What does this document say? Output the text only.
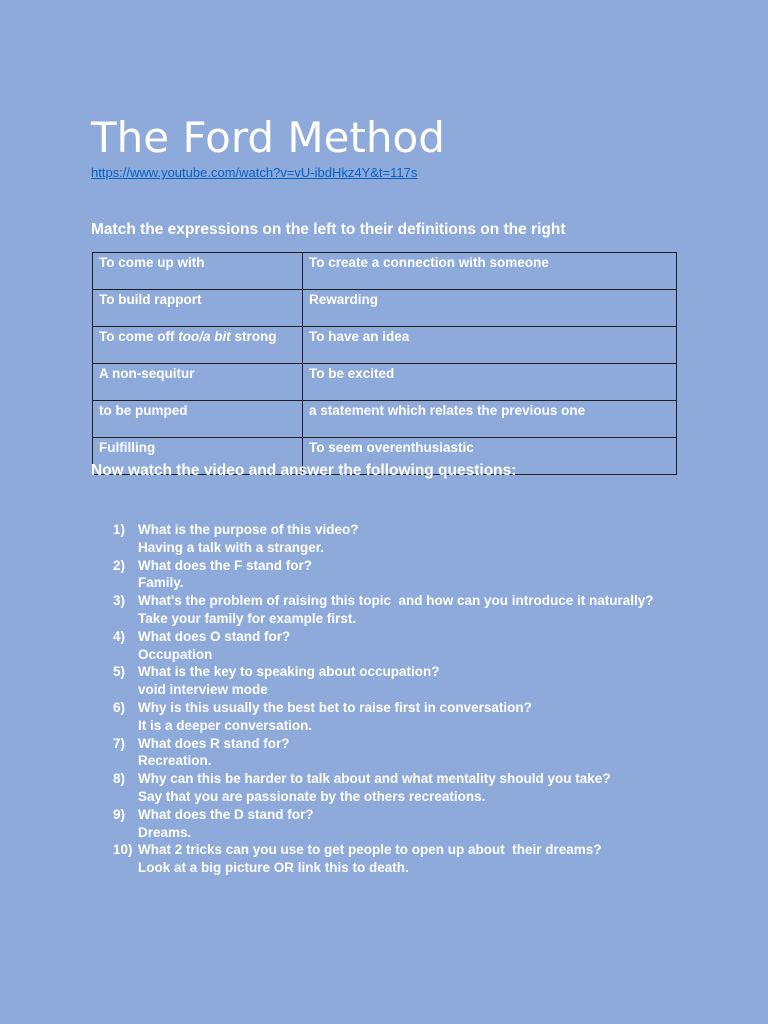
The Ford Method
https://www.youtube.com/watch?v=vU-ibdHkz4Y&t=117s
Match the expressions on the left to their definitions on the right
To come up with	To create a connection with someone
To build rapport	Rewarding
To come off too/a bit strong	To have an idea
A non-sequitur	To be excited
to be pumped	a statement which relates the previous one
Fulfilling	To seem overenthusiastic
Now watch the video and answer the following questions:
1) What is the purpose of this video?
Having a talk with a stranger.
2) What does the F stand for?
Family.
3) What's the problem of raising this topic  and how can you introduce it naturally?
Take your family for example first.
4) What does O stand for?
Occupation
5) What is the key to speaking about occupation?
void interview mode
6) Why is this usually the best bet to raise first in conversation?
It is a deeper conversation.
7) What does R stand for?
Recreation.
8) Why can this be harder to talk about and what mentality should you take?
Say that you are passionate by the others recreations.
9) What does the D stand for?
Dreams.
10) What 2 tricks can you use to get people to open up about  their dreams?
Look at a big picture OR link this to death.
